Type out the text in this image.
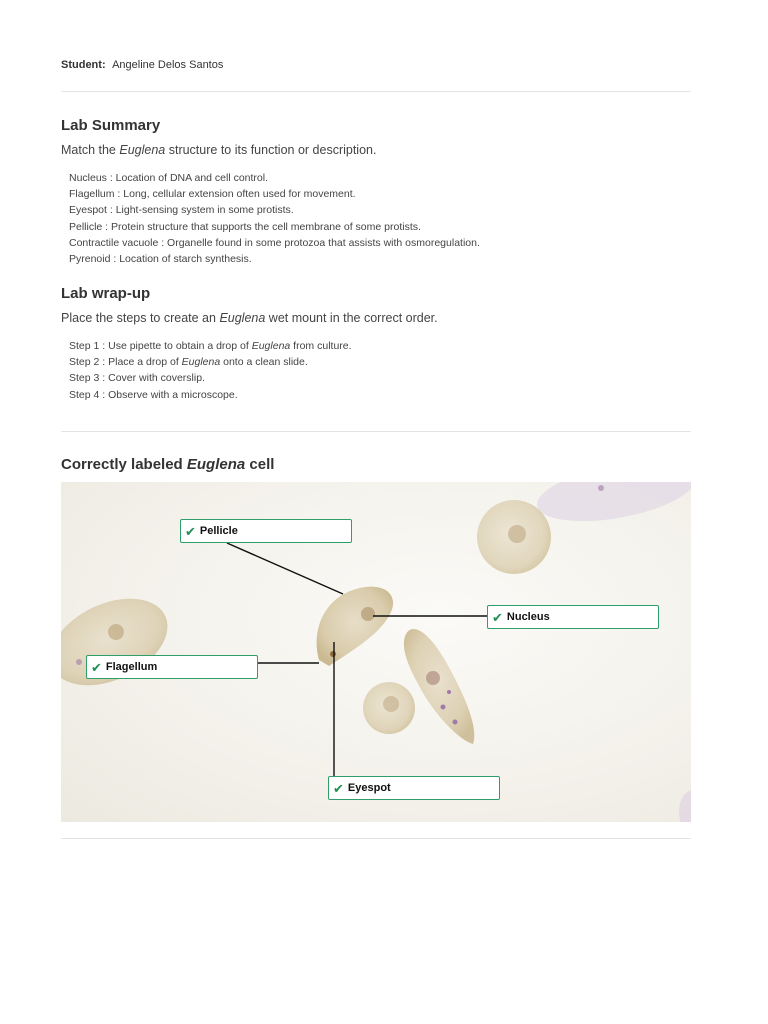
Student: Angeline Delos Santos
Lab Summary
Match the Euglena structure to its function or description.
Nucleus : Location of DNA and cell control.
Flagellum : Long, cellular extension often used for movement.
Eyespot : Light-sensing system in some protists.
Pellicle : Protein structure that supports the cell membrane of some protists.
Contractile vacuole : Organelle found in some protozoa that assists with osmoregulation.
Pyrenoid : Location of starch synthesis.
Lab wrap-up
Place the steps to create an Euglena wet mount in the correct order.
Step 1 : Use pipette to obtain a drop of Euglena from culture.
Step 2 : Place a drop of Euglena onto a clean slide.
Step 3 : Cover with coverslip.
Step 4 : Observe with a microscope.
Correctly labeled Euglena cell
✔ Pellicle
✔ Nucleus
✔ Flagellum
✔ Eyespot
